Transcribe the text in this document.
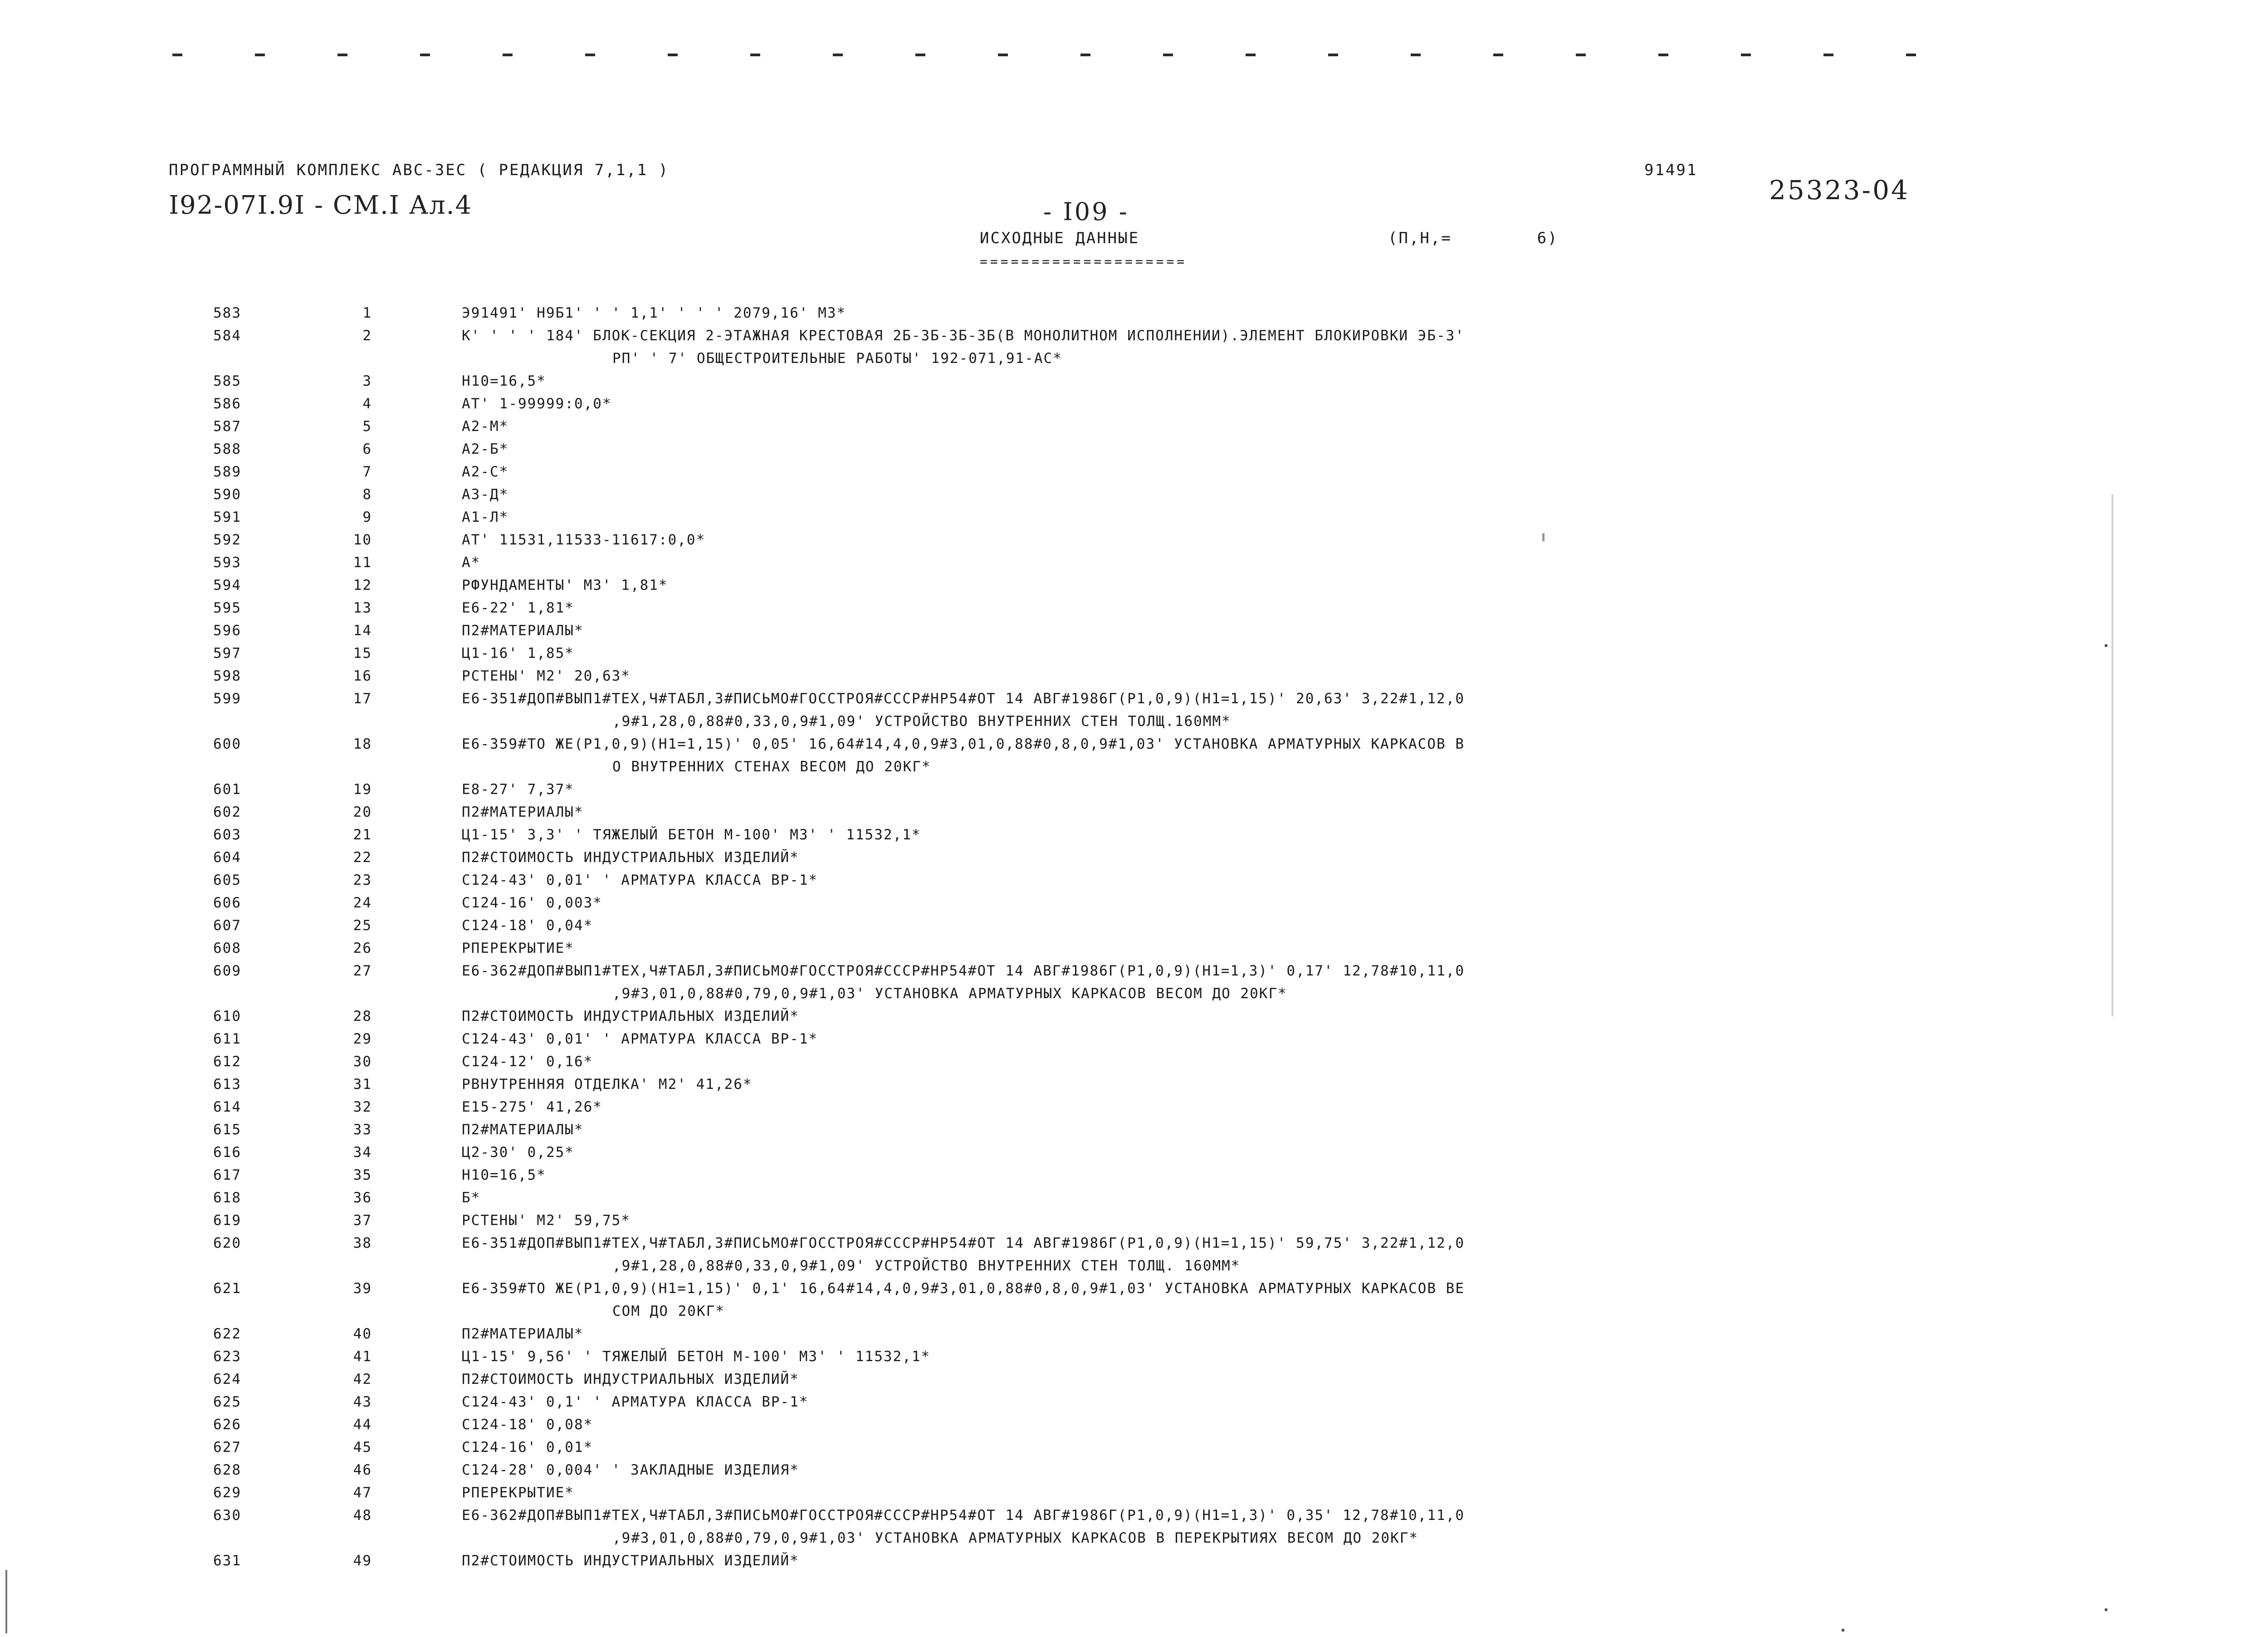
ПРОГРАММНЫЙ КОМПЛЕКС АВС-3ЕС ( РЕДАКЦИЯ 7,1,1 )	91491
I92-07I.9I - CM.I Ал.4	25323-04
- I09 -
ИСХОДНЫЕ ДАННЫЕ	(П,Н,=        6)
====================
583	1	Э91491' Н9Б1' ' ' 1,1' ' ' ' 2079,16' М3*
584	2	К' ' ' ' 184' БЛОК-СЕКЦИЯ 2-ЭТАЖНАЯ КРЕСТОВАЯ 2Б-3Б-3Б-3Б(В МОНОЛИТНОМ ИСПОЛНЕНИИ).ЭЛЕМЕНТ БЛОКИРОВКИ ЭБ-3'
РП' ' 7' ОБЩЕСТРОИТЕЛЬНЫЕ РАБОТЫ' 192-071,91-АС*
585	3	Н10=16,5*
586	4	АТ' 1-99999:0,0*
587	5	А2-М*
588	6	А2-Б*
589	7	А2-С*
590	8	А3-Д*
591	9	А1-Л*
592	10	АТ' 11531,11533-11617:0,0*
593	11	А*
594	12	РФУНДАМЕНТЫ' М3' 1,81*
595	13	Е6-22' 1,81*
596	14	П2#МАТЕРИАЛЫ*
597	15	Ц1-16' 1,85*
598	16	РСТЕНЫ' М2' 20,63*
599	17	Е6-351#ДОП#ВЫП1#ТЕХ,Ч#ТАБЛ,3#ПИСЬМО#ГОССТРОЯ#СССР#НР54#ОТ 14 АВГ#1986Г(Р1,0,9)(Н1=1,15)' 20,63' 3,22#1,12,0
,9#1,28,0,88#0,33,0,9#1,09' УСТРОЙСТВО ВНУТРЕННИХ СТЕН ТОЛЩ.160ММ*
600	18	Е6-359#ТО ЖЕ(Р1,0,9)(Н1=1,15)' 0,05' 16,64#14,4,0,9#3,01,0,88#0,8,0,9#1,03' УСТАНОВКА АРМАТУРНЫХ КАРКАСОВ В
О ВНУТРЕННИХ СТЕНАХ ВЕСОМ ДО 20КГ*
601	19	Е8-27' 7,37*
602	20	П2#МАТЕРИАЛЫ*
603	21	Ц1-15' 3,3' ' ТЯЖЕЛЫЙ БЕТОН М-100' М3' ' 11532,1*
604	22	П2#СТОИМОСТЬ ИНДУСТРИАЛЬНЫХ ИЗДЕЛИЙ*
605	23	С124-43' 0,01' ' АРМАТУРА КЛАССА ВР-1*
606	24	С124-16' 0,003*
607	25	С124-18' 0,04*
608	26	РПЕРЕКРЫТИЕ*
609	27	Е6-362#ДОП#ВЫП1#ТЕХ,Ч#ТАБЛ,3#ПИСЬМО#ГОССТРОЯ#СССР#НР54#ОТ 14 АВГ#1986Г(Р1,0,9)(Н1=1,3)' 0,17' 12,78#10,11,0
,9#3,01,0,88#0,79,0,9#1,03' УСТАНОВКА АРМАТУРНЫХ КАРКАСОВ ВЕСОМ ДО 20КГ*
610	28	П2#СТОИМОСТЬ ИНДУСТРИАЛЬНЫХ ИЗДЕЛИЙ*
611	29	С124-43' 0,01' ' АРМАТУРА КЛАССА ВР-1*
612	30	С124-12' 0,16*
613	31	РВНУТРЕННЯЯ ОТДЕЛКА' М2' 41,26*
614	32	Е15-275' 41,26*
615	33	П2#МАТЕРИАЛЫ*
616	34	Ц2-30' 0,25*
617	35	Н10=16,5*
618	36	Б*
619	37	РСТЕНЫ' М2' 59,75*
620	38	Е6-351#ДОП#ВЫП1#ТЕХ,Ч#ТАБЛ,3#ПИСЬМО#ГОССТРОЯ#СССР#НР54#ОТ 14 АВГ#1986Г(Р1,0,9)(Н1=1,15)' 59,75' 3,22#1,12,0
,9#1,28,0,88#0,33,0,9#1,09' УСТРОЙСТВО ВНУТРЕННИХ СТЕН ТОЛЩ. 160ММ*
621	39	Е6-359#ТО ЖЕ(Р1,0,9)(Н1=1,15)' 0,1' 16,64#14,4,0,9#3,01,0,88#0,8,0,9#1,03' УСТАНОВКА АРМАТУРНЫХ КАРКАСОВ ВЕ
СОМ ДО 20КГ*
622	40	П2#МАТЕРИАЛЫ*
623	41	Ц1-15' 9,56' ' ТЯЖЕЛЫЙ БЕТОН М-100' М3' ' 11532,1*
624	42	П2#СТОИМОСТЬ ИНДУСТРИАЛЬНЫХ ИЗДЕЛИЙ*
625	43	С124-43' 0,1' ' АРМАТУРА КЛАССА ВР-1*
626	44	С124-18' 0,08*
627	45	С124-16' 0,01*
628	46	С124-28' 0,004' ' ЗАКЛАДНЫЕ ИЗДЕЛИЯ*
629	47	РПЕРЕКРЫТИЕ*
630	48	Е6-362#ДОП#ВЫП1#ТЕХ,Ч#ТАБЛ,3#ПИСЬМО#ГОССТРОЯ#СССР#НР54#ОТ 14 АВГ#1986Г(Р1,0,9)(Н1=1,3)' 0,35' 12,78#10,11,0
,9#3,01,0,88#0,79,0,9#1,03' УСТАНОВКА АРМАТУРНЫХ КАРКАСОВ В ПЕРЕКРЫТИЯХ ВЕСОМ ДО 20КГ*
631	49	П2#СТОИМОСТЬ ИНДУСТРИАЛЬНЫХ ИЗДЕЛИЙ*
